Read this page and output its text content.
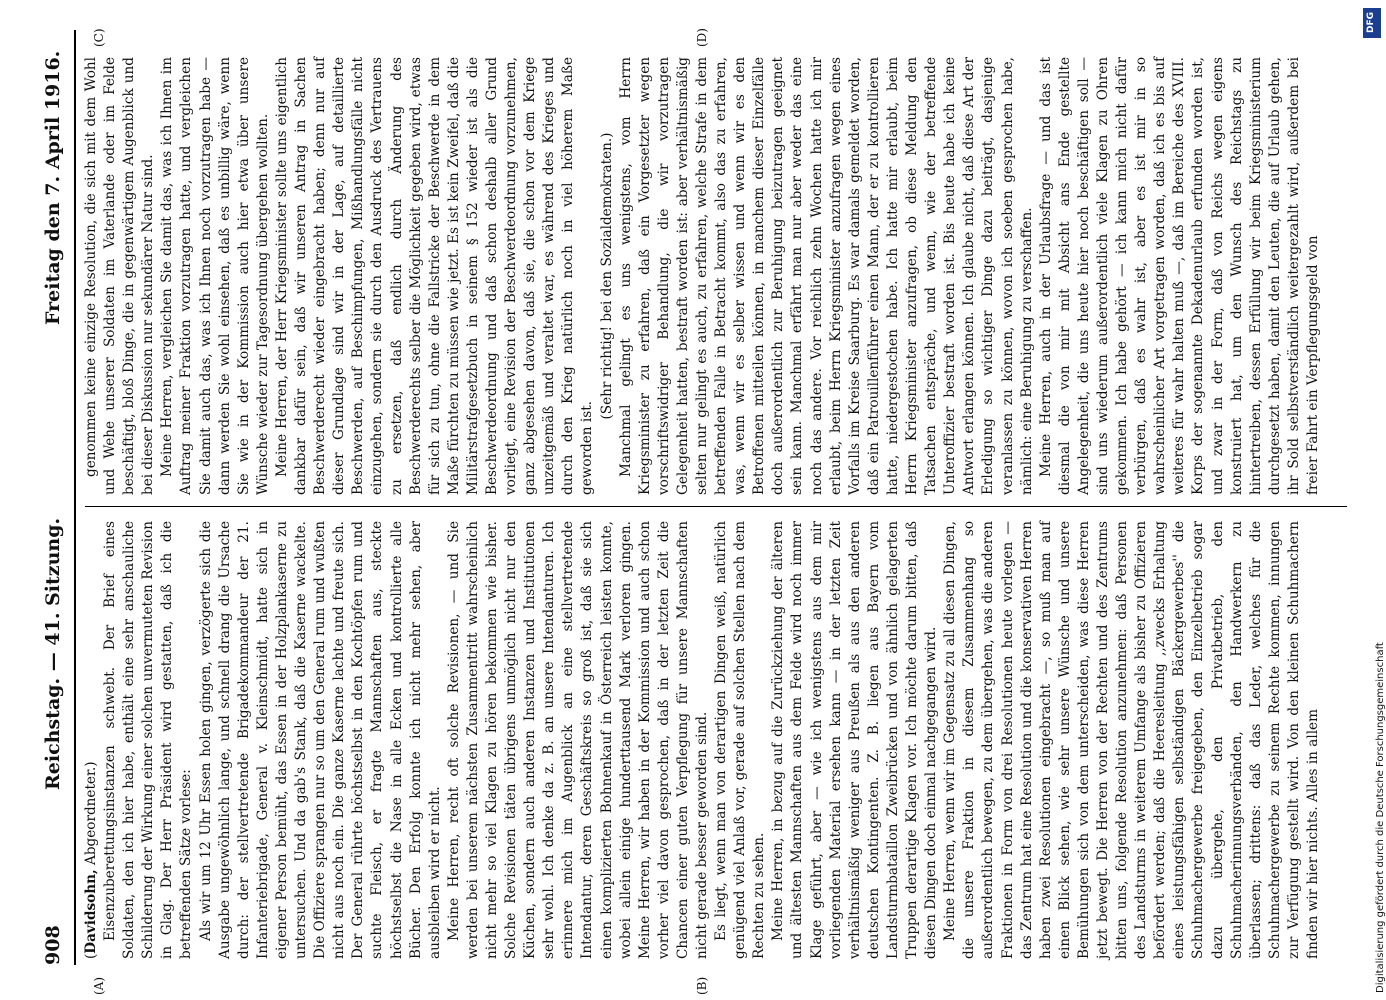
908
Reichstag. — 41. Sitzung.
Freitag den 7. April 1916.
(A)	(B)
(C)	(D)

(Davidsohn, Abgeordneter.) Eisenzuberettungsinstanzen schwebt. Der Brief eines Soldaten, den ich hier habe, enthält eine sehr anschauliche Schilderung der Wirkung einer solchen unvermuteten Revision in Glag. Der Herr Präsident wird gestatten, daß ich die betreffenden Sätze vorlese: Als wir um 12 Uhr Essen holen gingen, verzögerte sich die Ausgabe ungewöhnlich lange, und schnell drang die Ursache durch: der stellvertretende Brigadekommandeur der 21. Infanteriebrigade, General v. Kleinschmidt, hatte sich in eigener Person bemüht, das Essen in der Holzplankaserne zu untersuchen. Und da gab's Stank, daß die Kaserne wackelte. Die Offiziere sprangen nur so um den General rum und wußten nicht aus noch ein. Die ganze Kaserne lachte und freute sich. Der General rührte höchstselbst in den Kochtöpfen rum und suchte Fleisch, er fragte Mannschaften aus, steckte höchstselbst die Nase in alle Ecken und kontrollierte alle Bücher. Den Erfolg konnte ich nicht mehr sehen, aber ausbleiben wird er nicht. Meine Herren, recht oft solche Revisionen, — und Sie werden bei unserem nächsten Zusammentritt wahrscheinlich nicht mehr so viel Klagen zu hören bekommen wie bisher. Solche Revisionen täten übrigens unmöglich nicht nur den Küchen, sondern auch anderen Instanzen und Institutionen sehr wohl. Ich denke da z. B. an unsere Intendanturen. Ich erinnere mich im Augenblick an eine stellvertretende Intendantur, deren Geschäftskreis so groß ist, daß sie sich einen komplizierten Bohnenkauf in Österreich leisten konnte, wobei allein einige hunderttausend Mark verloren gingen. Meine Herren, wir haben in der Kommission und auch schon vorher viel davon gesprochen, daß in der letzten Zeit die Chancen einer guten Verpflegung für unsere Mannschaften nicht gerade besser geworden sind. Es liegt, wenn man von derartigen Dingen weiß, natürlich genügend viel Anlaß vor, gerade auf solchen Stellen nach dem Rechten zu sehen. Meine Herren, in bezug auf die Zurückziehung der älteren und ältesten Mannschaften aus dem Felde wird noch immer Klage geführt, aber — wie ich wenigstens aus dem mir vorliegenden Material ersehen kann — in der letzten Zeit verhältnismäßig weniger aus Preußen als aus den anderen deutschen Kontingenten. Z. B. liegen aus Bayern vom Landsturmbataillon Zweibrücken und von ähnlich gelagerten Truppen derartige Klagen vor. Ich möchte darum bitten, daß diesen Dingen doch einmal nachgegangen wird. Meine Herren, wenn wir im Gegensatz zu all diesen Dingen, die unsere Fraktion in diesem Zusammenhang so außerordentlich bewegen, zu dem übergehen, was die anderen Fraktionen in Form von drei Resolutionen heute vorlegen — das Zentrum hat eine Resolution und die konservativen Herren haben zwei Resolutionen eingebracht —, so muß man auf einen Blick sehen, wie sehr unsere Wünsche und unsere Bemühungen sich von dem unterscheiden, was diese Herren jetzt bewegt. Die Herren von der Rechten und des Zentrums bitten uns, folgende Resolution anzunehmen: daß Personen des Landsturms in weiterem Umfange als bisher zu Offizieren befördert werden; daß die Heeresleitung ,,zwecks Erhaltung eines leistungsfähigen selbständigen Bäckergewerbes'' die Schuhmachergewerbe freigegeben, den Einzelbetrieb sogar dazu übergehe, den Privatbetrieb, den Schuhmacherinnungsverbänden, den Handwerkern zu überlassen; drittens: daß das Leder, welches für die Schuhmachergewerbe zu seinem Rechte kommen, innungen zur Verfügung gestellt wird. Von den kleinen Schuhmachern finden wir hier nichts. Alles in allem

genommen keine einzige Resolution, die sich mit dem Wohl und Wehe unserer Soldaten im Vaterlande oder im Felde beschäftigt, bloß Dinge, die in gegenwärtigem Augenblick und bei dieser Diskussion nur sekundärer Natur sind. Meine Herren, vergleichen Sie damit das, was ich Ihnen im Auftrag meiner Fraktion vorzutragen hatte, und vergleichen Sie damit auch das, was ich Ihnen noch vorzutragen habe — dann werden Sie wohl einsehen, daß es unbillig wäre, wenn Sie wie in der Kommission auch hier etwa über unsere Wünsche wieder zur Tagesordnung übergehen wollten. Meine Herren, der Herr Kriegsminister sollte uns eigentlich dankbar dafür sein, daß wir unseren Antrag in Sachen Beschwerderecht wieder eingebracht haben; denn nur auf dieser Grundlage sind wir in der Lage, auf detaillierte Beschwerden, auf Beschimpfungen, Mißhandlungsfälle nicht einzugehen, sondern sie durch den Ausdruck des Vertrauens zu ersetzen, daß endlich durch Änderung des Beschwerderechts selber die Möglichkeit gegeben wird, etwas für sich zu tun, ohne die Fallstricke der Beschwerde in dem Maße fürchten zu müssen wie jetzt. Es ist kein Zweifel, daß die Militärstrafgesetzbuch in seinem § 152 wieder ist als die Beschwerdeordnung und daß schon deshalb aller Grund vorliegt, eine Revision der Beschwerdeordnung vorzunehmen, ganz abgesehen davon, daß sie, die schon vor dem Kriege unzeitgemäß und veraltet war, es während des Krieges und durch den Krieg natürlich noch in viel höherem Maße geworden ist.

(Sehr richtig! bei den Sozialdemokraten.) Manchmal gelingt es uns wenigstens, vom Herrn Kriegsminister zu erfahren, daß ein Vorgesetzter wegen vorschriftswidriger Behandlung, die wir vorzutragen Gelegenheit hatten, bestraft worden ist: aber verhältnismäßig selten nur gelingt es auch, zu erfahren, welche Strafe in dem betreffenden Falle in Betracht kommt, also das zu erfahren, was, wenn wir es selber wissen und wenn wir es den Betroffenen mitteilen können, in manchem dieser Einzelfälle doch außerordentlich zur Beruhigung beizutragen geeignet sein kann. Manchmal erfährt man nur aber weder das eine noch das andere. Vor reichlich zehn Wochen hatte ich mir erlaubt, beim Herrn Kriegsminister anzufragen wegen eines Vorfalls im Kreise Saarburg. Es war damals gemeldet worden, daß ein Patrouillenführer einen Mann, der er zu kontrollieren hatte, niedergestochen habe. Ich hatte mir erlaubt, beim Herrn Kriegsminister anzufragen, ob diese Meldung den Tatsachen entspräche, und wenn, wie der betreffende Unteroffizier bestraft worden ist. Bis heute habe ich keine Antwort erlangen können. Ich glaube nicht, daß diese Art der Erledigung so wichtiger Dinge dazu beiträgt, dasjenige veranlassen zu können, wovon ich soeben gesprochen habe, nämlich: eine Beruhigung zu verschaffen. Meine Herren, auch in der Urlaubsfrage — und das ist diesmal die von mir mit Absicht ans Ende gestellte Angelegenheit, die uns heute hier noch beschäftigen soll — sind uns wiederum außerordentlich viele Klagen zu Ohren gekommen. Ich habe gehört — ich kann mich nicht dafür verbürgen, daß es wahr ist, aber es ist mir in so wahrscheinlicher Art vorgetragen worden, daß ich es bis auf weiteres für wahr halten muß —, daß im Bereiche des XVIII. Korps der sogenannte Dekadenurlaub erfunden worden ist, und zwar in der Form, daß von Reichs wegen eigens konstruiert hat, um den Wunsch des Reichstags zu hintertreiben, dessen Erfüllung wir beim Kriegsministerium durchgesetzt haben, damit den Leuten, die auf Urlaub gehen, ihr Sold selbstverständlich weitergezahlt wird, außerdem bei freier Fahrt ein Verpflegungsgeld von

Digitalisierung gefördert durch die Deutsche Forschungsgemeinschaft
DFG
